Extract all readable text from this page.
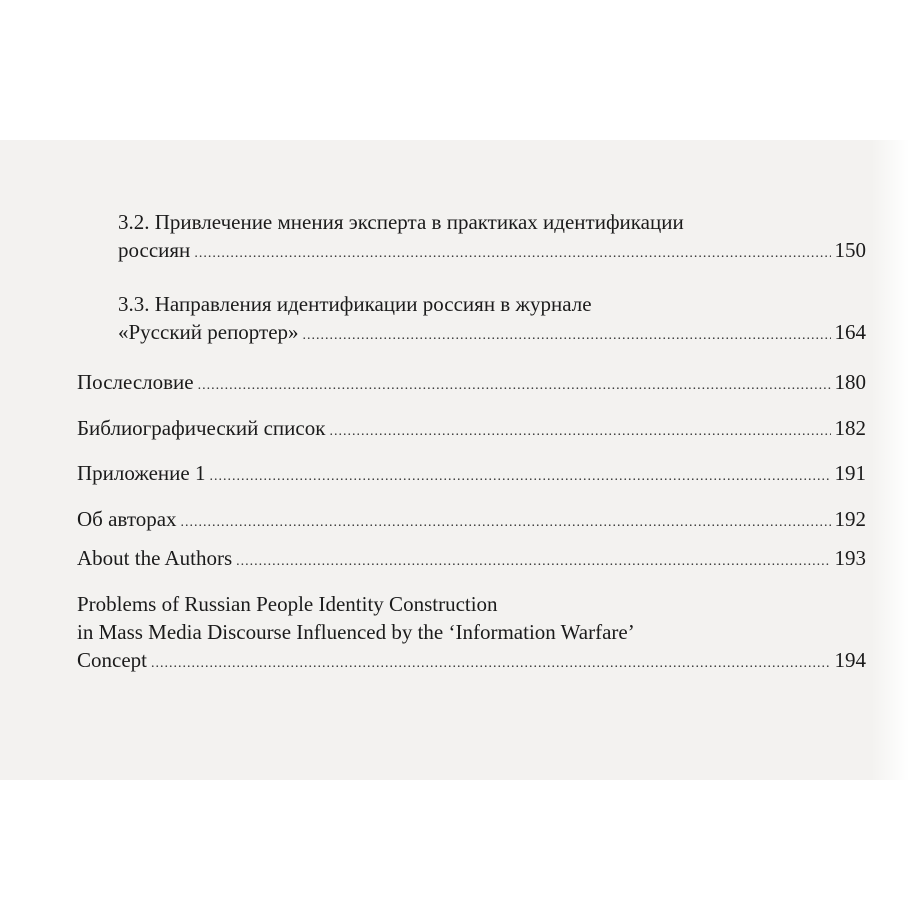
3.2. Привлечение мнения эксперта в практиках идентификации
россиян .....	150
3.3. Направления идентификации россиян в журнале
«Русский репортер» .....	164
Послесловие .....	180
Библиографический список .....	182
Приложение 1 .....	191
Об авторах .....	192
About the Authors .....	193
Problems of Russian People Identity Construction
in Mass Media Discourse Influenced by the ‘Information Warfare’
Concept .....	194
